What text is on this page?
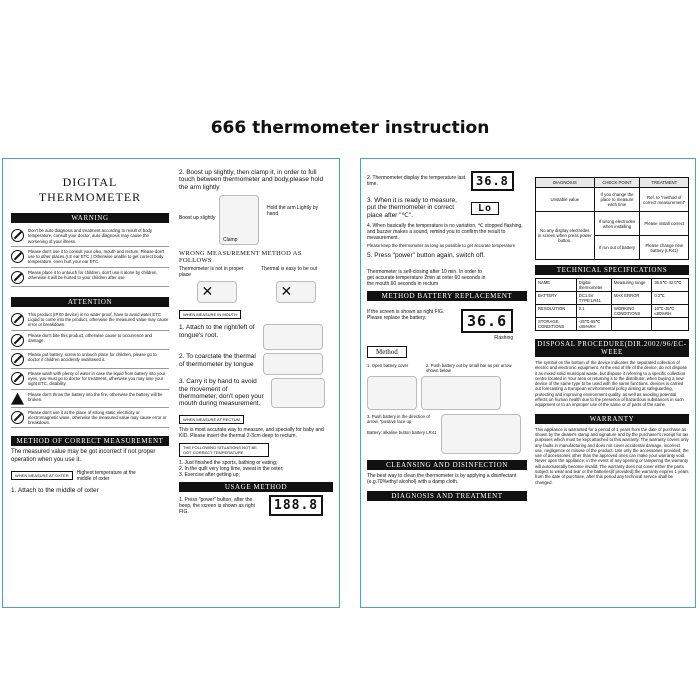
666 thermometer instruction
DIGITAL THERMOMETER
WARNING
Don't be auto diagnosis and treatment according to result of body temperature, consult your doctor, auto diagnosis may cause the worsening of your illness.
Please don't use it to consult your olex, mouth and rectum. Please don't use to other places.(I.E ear ETC.) Otherwise unable to get correct body temperature, even hurt your ear ETC.
Please place it to untouch for children, don't use it alone by children, otherwise it will be hurted to your children after use.
ATTENTION
This product (IPX0 device) is no water proof, have to avoid water ETC Liquid to come into the product, otherwise the measured value may cause error or breakdown.
Please don't bite this product, otherwise cause to occurrence and damage.
Please put battery, screw to unlouch place for children, please go to doctor if children accidently swallowed it.
Please wash with plenty of water in case the liquid from battery into your eyes, you must go to doctor for treatment, otherwise you may lose your sight ETC. disability.
Please don't throw the battery into the fire, otherwise the battery will be broken.
Please don't use it at the place of strong static electricity or electromagnetic wave, otherwise the measured value may cause error or breakdown.
METHOD OF CORRECT MEASUREMENT
The measured value may be got incorrect if not proper operation when you use it.
WHEN MEASURE AT OXTER	Highest temperature at the middle of oxter
1. Attach to the middle of oxter
2. Boost up slightly, then clamp it, in order to full touch between thermometer and body,please hold the arm lightly
Boost up slightly
Clamp
Hold the arm Lightly by hand
WRONG MEASUREMENT METHOD AS FOLLOWS
Thermometer is not in proper place
Thermal is easy to be out
✕	✕
WHEN MEASURE IN MOUTH
1. Attach to the right/left of tongue's root.
2. To coarctate the thermal of thermometer by tongue
3. Carry it by hand to avoid the movement of thermometer, don't open your mouth during measurement.
WHEN MEASURE AT RECTUM
This is most accurate way to measure, and specially for baby and KID. Please insert the thermal 2-3cm deep to rectum.
THE FOLLOWING SITUATIONS NOT BE GOT CORRECT TEMPERATURE
1. Just finished the sports, bathing or eating;
2. In the quilt very long time, sweat in the oxter;
3. Exercise after getting up;
USAGE METHOD
1. Press "power" button, after the beep, the screen is shown as right FIG.	188.8
2. Thermometer display the temperature last time.	36.8
3. When it is ready to measure, put the thermometer in correct place after "℃".
Lo
4. When basically the temperature is no variation, ℃ stopped flashing, and buzzer makes a sound, remind you to confirm the result to measurement.
Please keep the thermometer as long as possible to get accurate temperature
5. Press "power" button again, switch off.
Thermometer is self-closing after 10 min. In order to get accurate temperature 2min at oxter 60 seconds in the mouth 60 seconds in rectum
METHOD BATTERY REPLACEMENT
If the screen is shown as right FIG. Please replace the battery.	36.6
Flashing
Method
1. Open battery cover	2. Push battery out by small bar as per arrow shown below
3. Push battery in the direction of arrow, "positive face up
Battery: alkaline button battery LR41
CLEANSING AND DISINFECTION
The best way to clean the thermometer is by applying a disinfectant (e.g.70%ethyl alcohol) with a damp cloth.
DIAGNOSIS AND TREATMENT
DIAGNOSIS	CHECK POINT	TREATMENT
Unstable value	If you change the place to measure each time	Ref. to "method of correct measurement"
No any display electrodes in screen when press power button.	If wrong electrodes when installing	Please install correct
	If run out of battery	Please change new battery (LR41)
TECHNICAL SPECIFICATIONS
NAME	Digital thermometer	Measuring range	35.5℃-42.0℃
BATTERY	DC1.5V TYPE:LR41	MAX ERROR	0.2℃
RESOLUTION	0.1	WORKING CONDITIONS	10℃-35℃ ≤80%RH
STORAGE CONDITIONS	-25℃-55℃ ≤85%RH		
DISPOSAL PROCEDURE(DIR.2002/96/EC-WEEE
The symbol on the bottom of the device indicates the separated collection of electric and electronic equipment. At the end of life of the device, do not dispose it as mixed solid municipal waste, but dispose it referring to a specific collection centre located in Your area or returning it to the distributor, when buying a new device of the same type to be used with the same functions. devices is carried out forecasting a European environmental policy aiming at safeguarding, protecting and improving environment quality, as well as avoiding potential effects on human health due to the presence of hazardous substances in such equipment or to an improper use of the same or of parts of the same.
WARRANTY
This appliance is warranted for a period of 1 years from the date of purchase as shown by the dealer's stamp and signature and by the purchaser's receipt for tax purposes which must be kept attached to this warranty. The warranty covers only any faults in manufacturing and does not cover accidental damage, incorrect use, negligence or misuse of the product. Use only the accessories provided; the use of accessories other than the approved ones can make your warranty void. Never open the appliance; in the event of any opening or tampering the warranty will automatically become invalid. The warranty does not cover either the parts subject to wear and tear or the batteries(if provided);the warranty expires 1 years from the date of purchase, after this period any technical service shall be changed.
